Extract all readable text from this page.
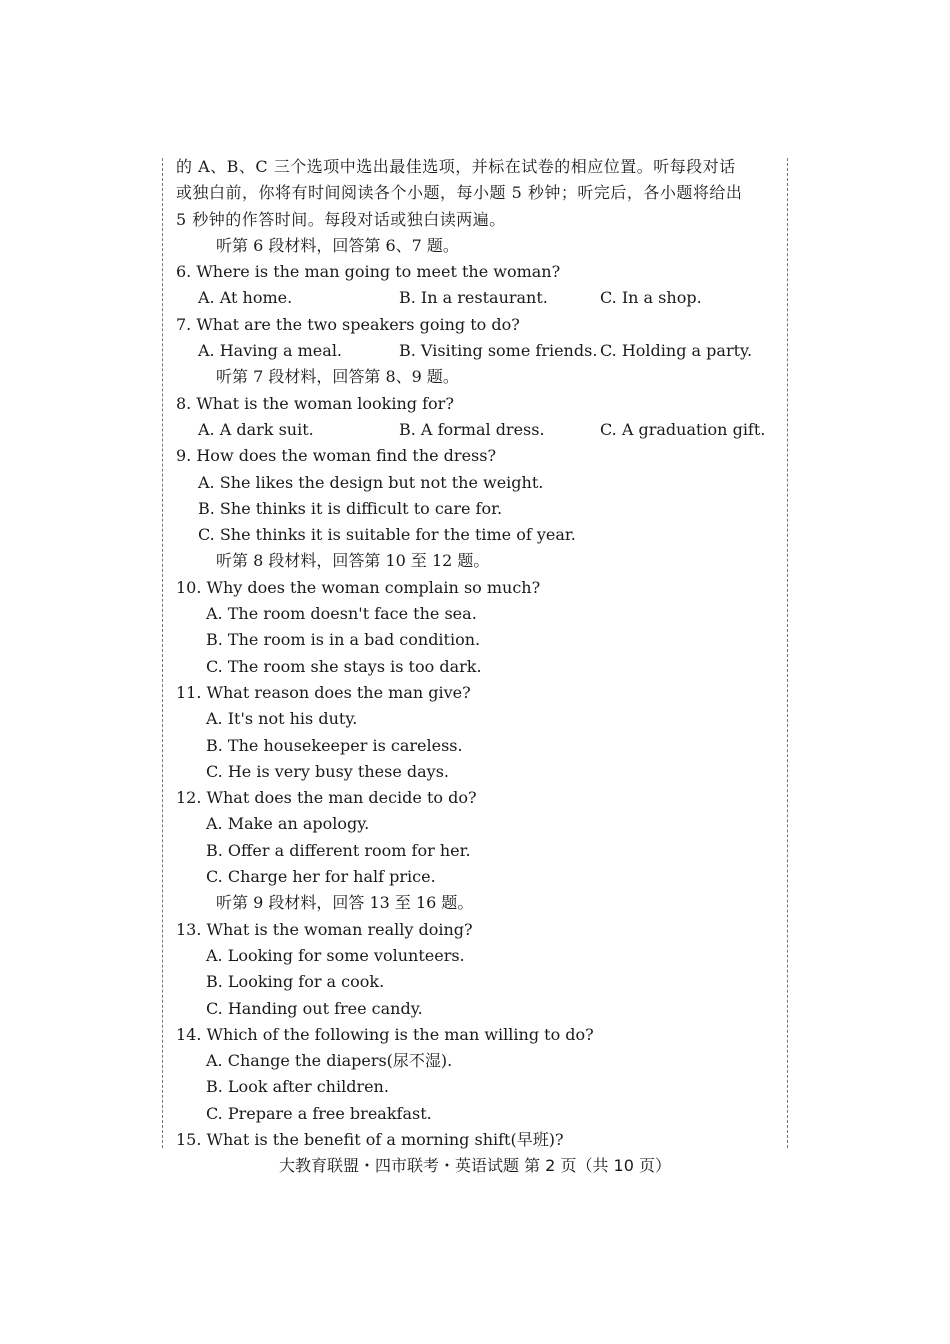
的 A、B、C 三个选项中选出最佳选项，并标在试卷的相应位置。听每段对话
或独白前，你将有时间阅读各个小题，每小题 5 秒钟；听完后，各小题将给出
5 秒钟的作答时间。每段对话或独白读两遍。
听第 6 段材料，回答第 6、7 题。
6. Where is the man going to meet the woman?
A. At home.	B. In a restaurant.	C. In a shop.
7. What are the two speakers going to do?
A. Having a meal.	B. Visiting some friends. C. Holding a party.
听第 7 段材料，回答第 8、9 题。
8. What is the woman looking for?
A. A dark suit.	B. A formal dress.	C. A graduation gift.
9. How does the woman find the dress?
A. She likes the design but not the weight.
B. She thinks it is difficult to care for.
C. She thinks it is suitable for the time of year.
听第 8 段材料，回答第 10 至 12 题。
10. Why does the woman complain so much?
A. The room doesn't face the sea.
B. The room is in a bad condition.
C. The room she stays is too dark.
11. What reason does the man give?
A. It's not his duty.
B. The housekeeper is careless.
C. He is very busy these days.
12. What does the man decide to do?
A. Make an apology.
B. Offer a different room for her.
C. Charge her for half price.
听第 9 段材料，回答 13 至 16 题。
13. What is the woman really doing?
A. Looking for some volunteers.
B. Looking for a cook.
C. Handing out free candy.
14. Which of the following is the man willing to do?
A. Change the diapers(尿不湿).
B. Look after children.
C. Prepare a free breakfast.
15. What is the benefit of a morning shift(早班)?
大教育联盟・四市联考・英语试题 第 2 页（共 10 页）
